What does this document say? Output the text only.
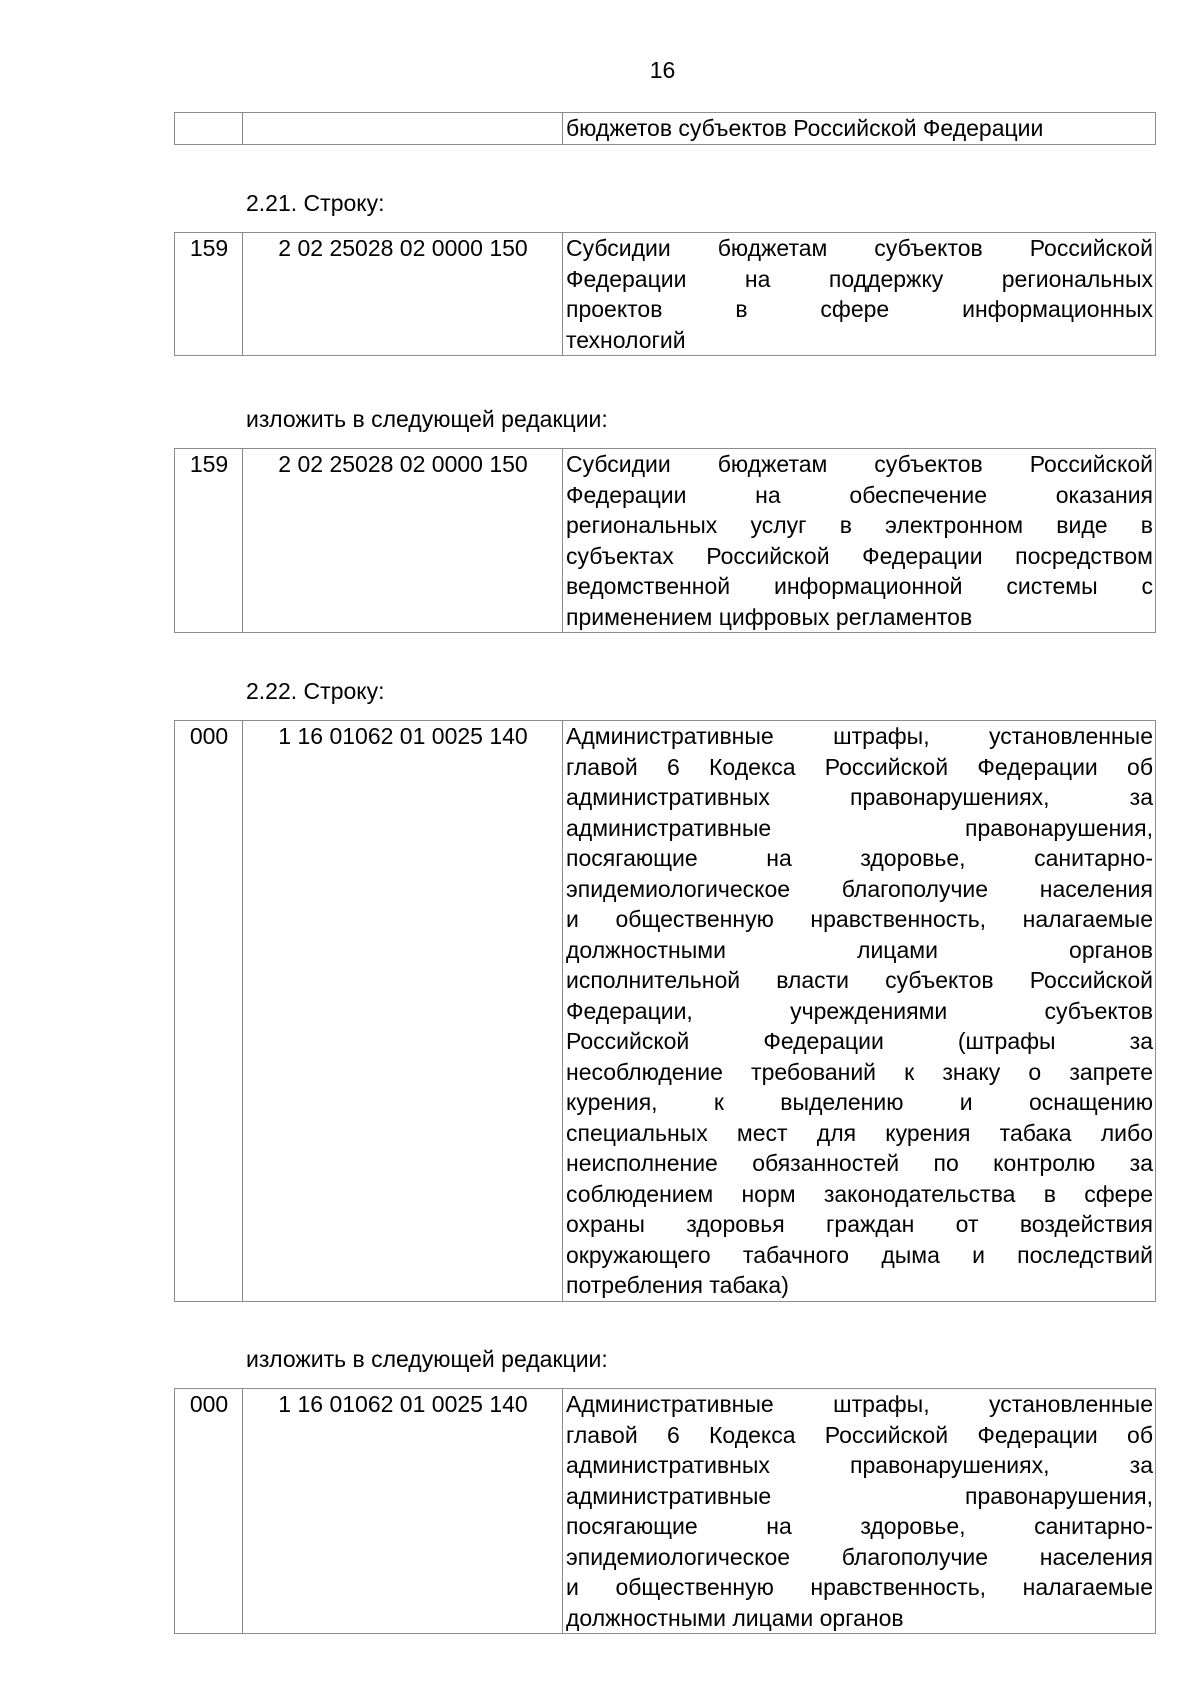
16

бюджетов субъектов Российской Федерации

2.21. Строку:

159	2 02 25028 02 0000 150	Субсидии бюджетам субъектов Российской
Федерации на поддержку региональных
проектов в сфере информационных
технологий

изложить в следующей редакции:

159	2 02 25028 02 0000 150	Субсидии бюджетам субъектов Российской
Федерации на обеспечение оказания
региональных услуг в электронном виде в
субъектах Российской Федерации посредством
ведомственной информационной системы с
применением цифровых регламентов

2.22. Строку:

000	1 16 01062 01 0025 140	Административные штрафы, установленные
главой 6 Кодекса Российской Федерации об
административных правонарушениях, за
административные правонарушения,
посягающие на здоровье, санитарно-
эпидемиологическое благополучие населения
и общественную нравственность, налагаемые
должностными лицами органов
исполнительной власти субъектов Российской
Федерации, учреждениями субъектов
Российской Федерации (штрафы за
несоблюдение требований к знаку о запрете
курения, к выделению и оснащению
специальных мест для курения табака либо
неисполнение обязанностей по контролю за
соблюдением норм законодательства в сфере
охраны здоровья граждан от воздействия
окружающего табачного дыма и последствий
потребления табака)

изложить в следующей редакции:

000	1 16 01062 01 0025 140	Административные штрафы, установленные
главой 6 Кодекса Российской Федерации об
административных правонарушениях, за
административные правонарушения,
посягающие на здоровье, санитарно-
эпидемиологическое благополучие населения
и общественную нравственность, налагаемые
должностными лицами органов
